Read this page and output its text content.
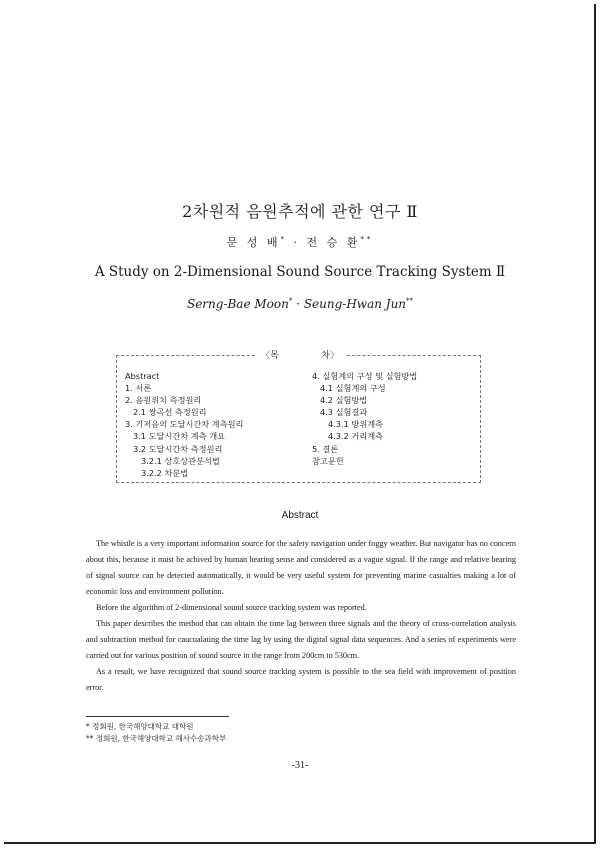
2차원적 음원추적에 관한 연구 Ⅱ
문 성 배* · 전 승 환**
A Study on 2-Dimensional Sound Source Tracking System Ⅱ
Serng-Bae Moon* · Seung-Hwan Jun**
〈목	차〉
Abstract
1. 서론
2. 음원위치 측정원리
2.1 쌍곡선 측정원리
3. 기저음의 도달시간차 계측원리
3.1 도달시간차 계측 개요
3.2 도달시간차 측정원리
3.2.1 상호상관분석법
3.2.2 차분법
4. 실험계의 구성 및 실험방법
4.1 실험계의 구성
4.2 실험방법
4.3 실험결과
4.3.1 방위계측
4.3.2 거리계측
5. 결론
참고문헌
Abstract

The whistle is a very important information source for the safety navigation under foggy weather. But navigator has no concern about this, because it must be achived by human hearing sense and considered as a vague signal. If the range and relative bearing of signal source can be detected automatically, it would be very useful system for preventing marine casualties making a lot of economic loss and environment pollution.

Before the algorithm of 2-dimensional sound source tracking system was reported.

This paper describes the method that can obtain the time lag between three signals and the theory of cross-correlation analysis and subtraction method for caucualating the time lag by using the digital signal data sequences. And a series of experiments were carried out for various position of sound source in the range from 200cm to 530cm.

As a result, we have recognized that sound source tracking system is possible to the sea field with improvement of position error.

* 정회원, 한국해양대학교 대학원
** 정회원, 한국해양대학교 해사수송과학부
-31-
